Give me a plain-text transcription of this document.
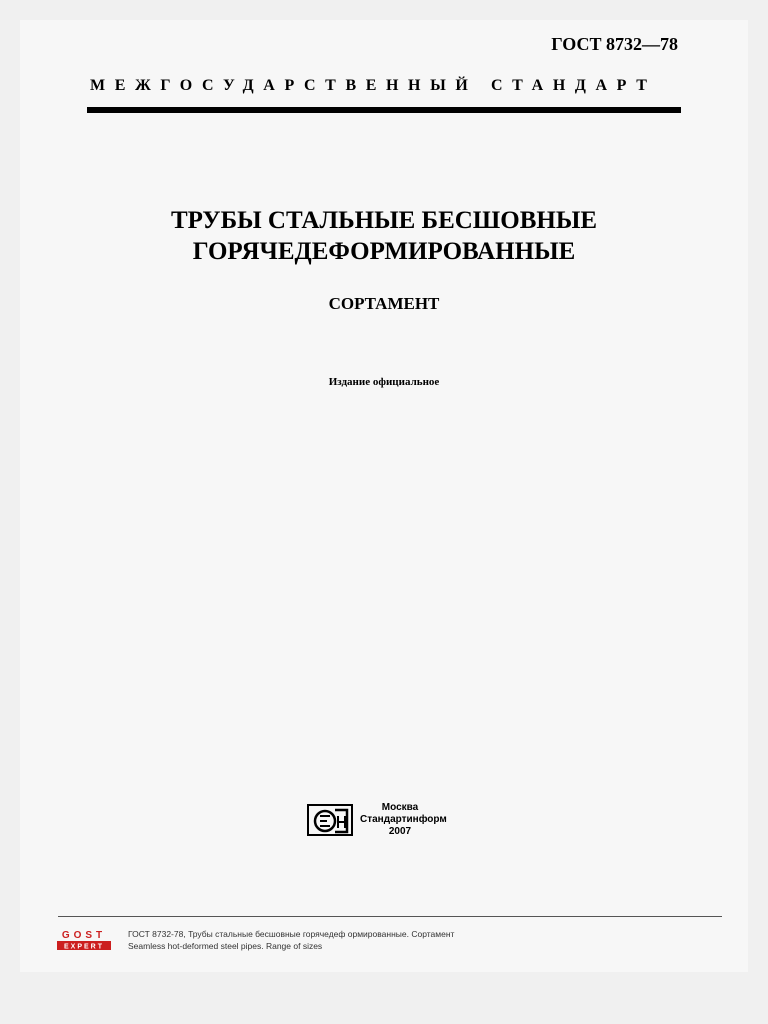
ГОСТ 8732—78
МЕЖГОСУДАРСТВЕННЫЙ СТАНДАРТ
ТРУБЫ СТАЛЬНЫЕ БЕСШОВНЫЕ
ГОРЯЧЕДЕФОРМИРОВАННЫЕ
СОРТАМЕНТ
Издание официальное
Москва
Стандартинформ
2007
GOST
EXPERT
ГОСТ 8732-78, Трубы стальные бесшовные горячедеф ормированные. Сортамент
Seamless hot-deformed steel pipes. Range of sizes
